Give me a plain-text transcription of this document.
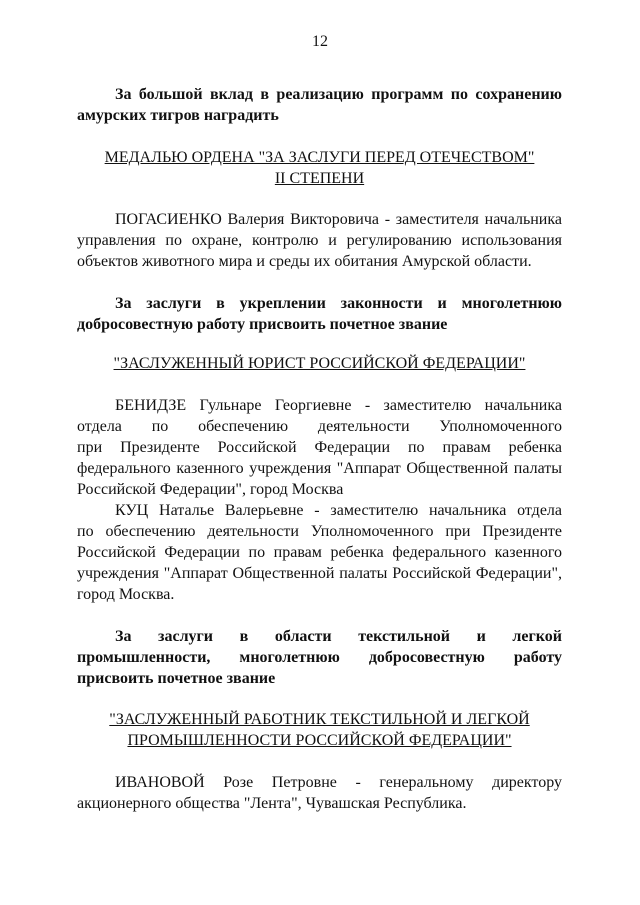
12
За большой вклад в реализацию программ по сохранению
амурских тигров наградить
МЕДАЛЬЮ ОРДЕНА "ЗА ЗАСЛУГИ ПЕРЕД ОТЕЧЕСТВОМ"
II СТЕПЕНИ
ПОГАСИЕНКО Валерия Викторовича - заместителя начальника
управления по охране, контролю и регулированию использования
объектов животного мира и среды их обитания Амурской области.
За заслуги в укреплении законности и многолетнюю
добросовестную работу присвоить почетное звание
"ЗАСЛУЖЕННЫЙ ЮРИСТ РОССИЙСКОЙ ФЕДЕРАЦИИ"
БЕНИДЗЕ Гульнаре Георгиевне - заместителю начальника
отдела по обеспечению деятельности Уполномоченного
при Президенте Российской Федерации по правам ребенка
федерального казенного учреждения "Аппарат Общественной палаты
Российской Федерации", город Москва
КУЦ Наталье Валерьевне - заместителю начальника отдела
по обеспечению деятельности Уполномоченного при Президенте
Российской Федерации по правам ребенка федерального казенного
учреждения "Аппарат Общественной палаты Российской Федерации",
город Москва.
За заслуги в области текстильной и легкой
промышленности, многолетнюю добросовестную работу
присвоить почетное звание
"ЗАСЛУЖЕННЫЙ РАБОТНИК ТЕКСТИЛЬНОЙ И ЛЕГКОЙ
ПРОМЫШЛЕННОСТИ РОССИЙСКОЙ ФЕДЕРАЦИИ"
ИВАНОВОЙ Розе Петровне - генеральному директору
акционерного общества "Лента", Чувашская Республика.
